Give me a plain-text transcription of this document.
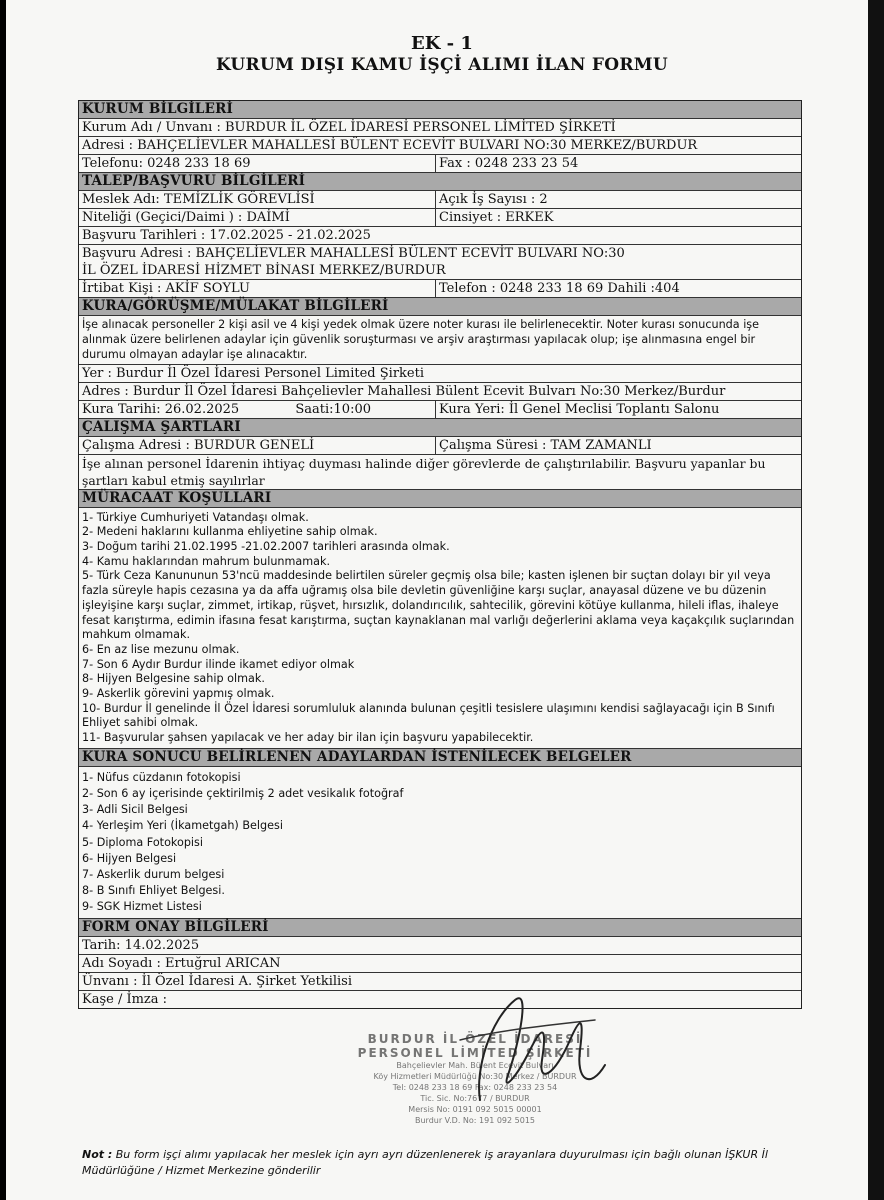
EK - 1
KURUM DIŞI KAMU İŞÇİ ALIMI İLAN FORMU
KURUM BİLGİLERİ
Kurum Adı / Unvanı : BURDUR İL ÖZEL İDARESİ PERSONEL LİMİTED ŞİRKETİ
Adresi : BAHÇELİEVLER MAHALLESİ BÜLENT ECEVİT BULVARI NO:30 MERKEZ/BURDUR
Telefonu: 0248 233 18 69	Fax : 0248 233 23 54
TALEP/BAŞVURU BİLGİLERİ
Meslek Adı: TEMİZLİK GÖREVLİSİ	Açık İş Sayısı : 2
Niteliği (Geçici/Daimi ) : DAİMİ	Cinsiyet : ERKEK
Başvuru Tarihleri : 17.02.2025 - 21.02.2025
Başvuru Adresi : BAHÇELİEVLER MAHALLESİ BÜLENT ECEVİT BULVARI NO:30
İL ÖZEL İDARESİ HİZMET BİNASI MERKEZ/BURDUR
İrtibat Kişi : AKİF SOYLU	Telefon : 0248 233 18 69 Dahili :404
KURA/GÖRÜŞME/MÜLAKAT BİLGİLERİ
İşe alınacak personeller 2 kişi asil ve 4 kişi yedek olmak üzere noter kurası ile belirlenecektir. Noter kurası sonucunda işe alınmak üzere belirlenen adaylar için güvenlik soruşturması ve arşiv araştırması yapılacak olup; işe alınmasına engel bir durumu olmayan adaylar işe alınacaktır.
Yer : Burdur İl Özel İdaresi Personel Limited Şirketi
Adres : Burdur İl Özel İdaresi Bahçelievler Mahallesi Bülent Ecevit Bulvarı No:30 Merkez/Burdur
Kura Tarihi: 26.02.2025	Saati:10:00	Kura Yeri: İl Genel Meclisi Toplantı Salonu
ÇALIŞMA ŞARTLARI
Çalışma Adresi : BURDUR GENELİ	Çalışma Süresi : TAM ZAMANLI
İşe alınan personel İdarenin ihtiyaç duyması halinde diğer görevlerde de çalıştırılabilir. Başvuru yapanlar bu şartları kabul etmiş sayılırlar
MÜRACAAT KOŞULLARI
1- Türkiye Cumhuriyeti Vatandaşı olmak.
2- Medeni haklarını kullanma ehliyetine sahip olmak.
3- Doğum tarihi 21.02.1995 -21.02.2007 tarihleri arasında olmak.
4- Kamu haklarından mahrum bulunmamak.
5- Türk Ceza Kanununun 53'ncü maddesinde belirtilen süreler geçmiş olsa bile; kasten işlenen bir suçtan dolayı bir yıl veya fazla süreyle hapis cezasına ya da affa uğramış olsa bile devletin güvenliğine karşı suçlar, anayasal düzene ve bu düzenin işleyişine karşı suçlar, zimmet, irtikap, rüşvet, hırsızlık, dolandırıcılık, sahtecilik, görevini kötüye kullanma, hileli iflas, ihaleye fesat karıştırma, edimin ifasına fesat karıştırma, suçtan kaynaklanan mal varlığı değerlerini aklama veya kaçakçılık suçlarından mahkum olmamak.
6- En az lise mezunu olmak.
7- Son 6 Aydır Burdur ilinde ikamet ediyor olmak
8- Hijyen Belgesine sahip olmak.
9- Askerlik görevini yapmış olmak.
10- Burdur İl genelinde İl Özel İdaresi sorumluluk alanında bulunan çeşitli tesislere ulaşımını kendisi sağlayacağı için B Sınıfı Ehliyet sahibi olmak.
11- Başvurular şahsen yapılacak ve her aday bir ilan için başvuru yapabilecektir.
KURA SONUCU BELİRLENEN ADAYLARDAN İSTENİLECEK BELGELER
1- Nüfus cüzdanın fotokopisi
2- Son 6 ay içerisinde çektirilmiş 2 adet vesikalık fotoğraf
3- Adli Sicil Belgesi
4- Yerleşim Yeri (İkametgah) Belgesi
5- Diploma Fotokopisi
6- Hijyen Belgesi
7- Askerlik durum belgesi
8- B Sınıfı Ehliyet Belgesi.
9- SGK Hizmet Listesi
FORM ONAY BİLGİLERİ
Tarih: 14.02.2025
Adı Soyadı : Ertuğrul ARICAN
Ünvanı : İl Özel İdaresi A. Şirket Yetkilisi
Kaşe / İmza :
BURDUR İL ÖZEL İDARESİ
PERSONEL LİMİTED ŞİRKETİ
Bahçelievler Mah. Bülent Ecevit Bulvarı
Köy Hizmetleri Müdürlüğü No:30 Merkez / BURDUR
Tel: 0248 233 18 69 Fax: 0248 233 23 54
Tic. Sic. No:7677 / BURDUR
Mersis No: 0191 092 5015 00001
Burdur V.D. No: 191 092 5015
Not : Bu form işçi alımı yapılacak her meslek için ayrı ayrı düzenlenerek iş arayanlara duyurulması için bağlı olunan İŞKUR İl Müdürlüğüne / Hizmet Merkezine gönderilir
